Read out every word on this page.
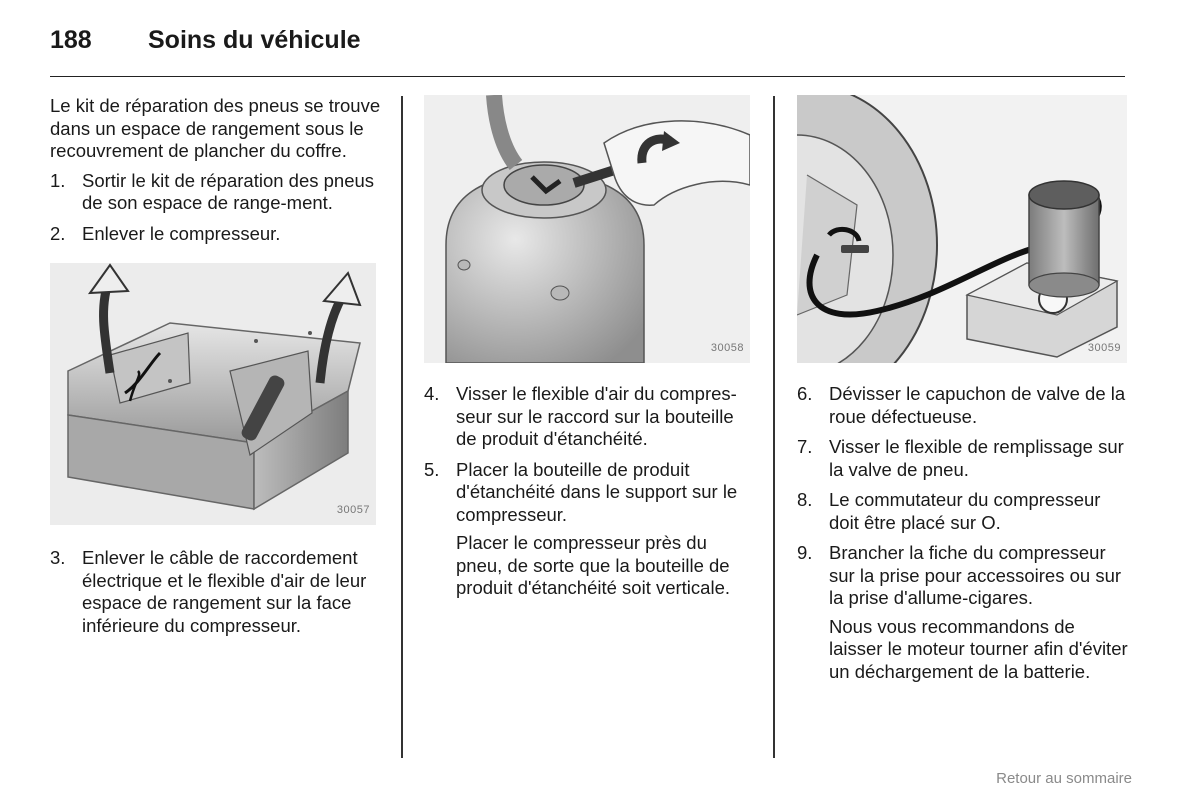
188 Soins du véhicule

Le kit de réparation des pneus se trouve dans un espace de rangement sous le recouvrement de plancher du coffre.

1. Sortir le kit de réparation des pneus de son espace de range-ment.
2. Enlever le compresseur.
30057
3. Enlever le câble de raccordement électrique et le flexible d'air de leur espace de rangement sur la face inférieure du compresseur.
30058
4. Visser le flexible d'air du compres-seur sur le raccord sur la bouteille de produit d'étanchéité.
5. Placer la bouteille de produit d'étanchéité dans le support sur le compresseur.

Placer le compresseur près du pneu, de sorte que la bouteille de produit d'étanchéité soit verticale.

30059
6. Dévisser le capuchon de valve de la roue défectueuse.
7. Visser le flexible de remplissage sur la valve de pneu.
8. Le commutateur du compresseur doit être placé sur O.
9. Brancher la fiche du compresseur sur la prise pour accessoires ou sur la prise d'allume-cigares.

Nous vous recommandons de laisser le moteur tourner afin d'éviter un déchargement de la batterie.

Retour au sommaire
